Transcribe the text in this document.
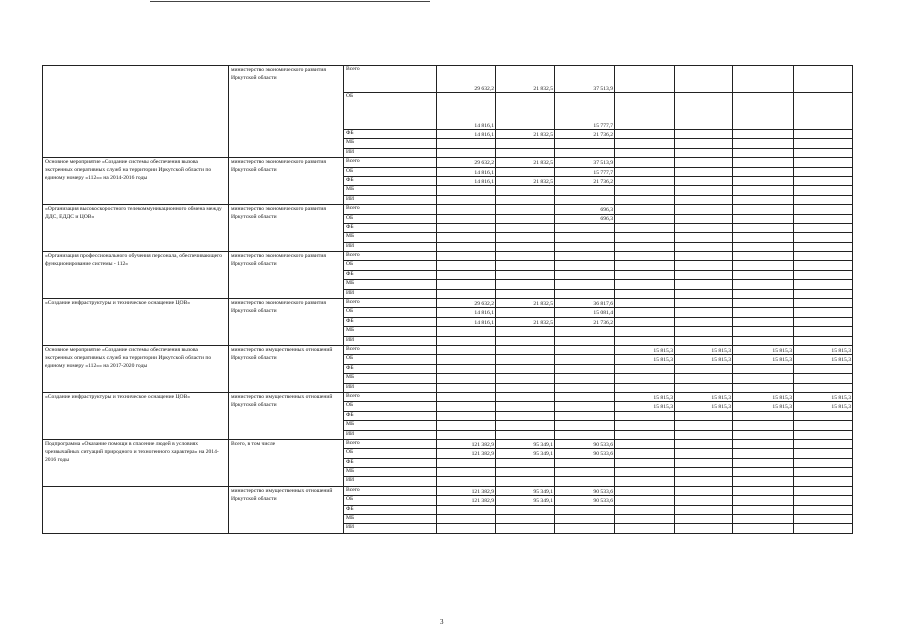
	министерство экономического развития Иркутской области	Всего	29 632,2	21 832,5	37 513,9				
		ОБ	14 816,1		15 777,7				
		ФБ	14 816,1	21 832,5	21 736,2				
		МБ							
		ИИ							
Основное мероприятие «Создание системы обеспечения вызова экстренных оперативных служб на территории Иркутской области по единому номеру «112»» на 2014-2016 годы	министерство экономического развития Иркутской области	Всего	29 632,2	21 832,5	37 513,9				
		ОБ	14 816,1		15 777,7				
		ФБ	14 816,1	21 832,5	21 736,2				
		МБ							
		ИИ							
«Организация высокоскоростного телекоммуникационного обмена между ДДС, ЕДДС и ЦОВ»	министерство экономического развития Иркутской области	Всего			696,3				
		ОБ			696,3				
		ФБ							
		МБ							
		ИИ							
«Организация профессионального обучения персонала, обеспечивающего функционирование системы - 112»	министерство экономического развития Иркутской области	Всего							
		ОБ							
		ФБ							
		МБ							
		ИИ							
«Создание инфраструктуры и техническое оснащение ЦОВ»	министерство экономического развития Иркутской области	Всего	29 632,2	21 832,5	36 817,6				
		ОБ	14 816,1		15 081,4				
		ФБ	14 816,1	21 832,5	21 736,2				
		МБ							
		ИИ							
Основное мероприятие «Создание системы обеспечения вызова экстренных оперативных служб на территории Иркутской области по единому номеру «112»» на 2017-2020 годы	министерство имущественных отношений Иркутской области	Всего				15 815,3	15 815,3	15 815,3	15 815,3
		ОБ				15 815,3	15 815,3	15 815,3	15 815,3
		ФБ							
		МБ							
		ИИ							
«Создание инфраструктуры и техническое оснащение ЦОВ»	министерство имущественных отношений Иркутской области	Всего				15 815,3	15 815,3	15 815,3	15 815,3
		ОБ				15 815,3	15 815,3	15 815,3	15 815,3
		ФБ							
		МБ							
		ИИ							
Подпрограмма «Оказание помощи в спасение людей в условиях чрезвычайных ситуаций природного и техногенного характера» на 2014-2016 годы	Всего, в том числе	Всего	121 382,9	95 349,1	90 533,6				
		ОБ	121 382,9	95 349,1	90 533,6				
		ФБ							
		МБ							
		ИИ							
	министерство имущественных отношений Иркутской области	Всего	121 382,9	95 349,1	90 533,6				
		ОБ	121 382,9	95 349,1	90 533,6				
		ФБ							
		МБ							
		ИИ							
3
